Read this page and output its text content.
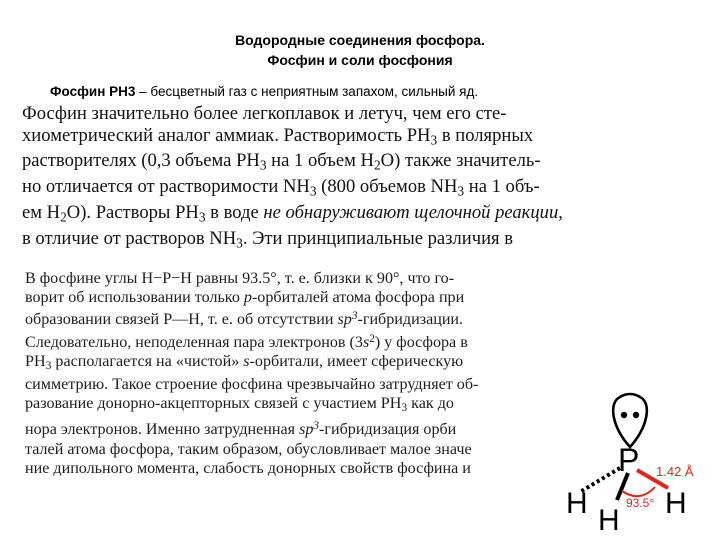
Водородные соединения фосфора.
Фосфин и соли фосфония
Фосфин PH3 – бесцветный газ с неприятным запахом, сильный яд.
Фосфин значительно более легкоплавок и летуч, чем его сте-
хиометрический аналог аммиак. Растворимость $PH_3$ в полярных
растворителях (0,3 объема $PH_3$ на 1 объем $H_2O$) также значитель-
но отличается от растворимости $NH_3$ (800 объемов $NH_3$ на 1 объ-
ем $H_2O$). Растворы $PH_3$ в воде не обнаруживают щелочной реакции,
в отличие от растворов $NH_3$. Эти принципиальные различия в
В фосфине углы H−P−H равны 93.5°, т. е. близки к 90°, что го-
ворит об использовании только p-орбиталей атома фосфора при
образовании связей P—H, т. е. об отсутствии $sp^3$-гибридизации.
Следовательно, неподеленная пара электронов $(3s^2)$ у фосфора в
$PH_3$ располагается на «чистой» s-орбитали, имеет сферическую
симметрию. Такое строение фосфина чрезвычайно затрудняет об-
разование донорно-акцепторных связей с участием $PH_3$ как до
нора электронов. Именно затрудненная $sp^3$-гибридизация орби
талей атома фосфора, таким образом, обусловливает малое значе
ние дипольного момента, слабость донорных свойств фосфина и	P
H
H
H
1.42 Å
93.5°
